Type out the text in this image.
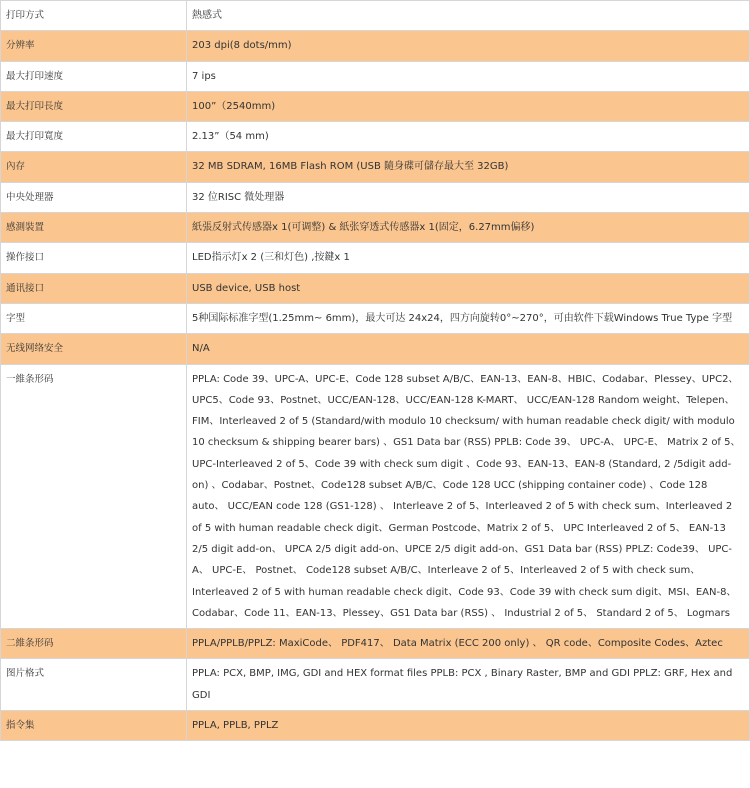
打印方式	熱感式
分辨率	203 dpi(8 dots/mm)
最大打印速度	7 ips
最大打印長度	100”（2540mm)
最大打印寬度	2.13”（54 mm)
內存	32 MB SDRAM, 16MB Flash ROM (USB 隨身碟可儲存最大至 32GB)
中央处理器	32 位RISC 微处理器
感測裝置	紙張反射式传感器x 1(可调整) & 紙张穿透式传感器x 1(固定，6.27mm偏移)
操作接口	LED指示灯x 2 (三和灯色) ,按鍵x 1
通讯接口	USB device, USB host
字型	5种国际标准字型(1.25mm~ 6mm)，最大可达 24x24，四方向旋转0°~270°，可由软件下载Windows True Type 字型
无线网络安全	N/A
一維条形码	PPLA: Code 39、UPC-A、UPC-E、Code 128 subset A/B/C、EAN-13、EAN-8、HBIC、Codabar、Plessey、UPC2、UPC5、Code 93、Postnet、UCC/EAN-128、UCC/EAN-128 K-MART、 UCC/EAN-128 Random weight、Telepen、FIM、Interleaved 2 of 5 (Standard/with modulo 10 checksum/ with human readable check digit/ with modulo 10 checksum & shipping bearer bars) 、GS1 Data bar (RSS) PPLB: Code 39、 UPC-A、 UPC-E、 Matrix 2 of 5、 UPC-Interleaved 2 of 5、Code 39 with check sum digit 、Code 93、EAN-13、EAN-8 (Standard, 2 /5digit add-on) 、Codabar、Postnet、Code128 subset A/B/C、Code 128 UCC (shipping container code) 、Code 128 auto、 UCC/EAN code 128 (GS1-128) 、 Interleave 2 of 5、Interleaved 2 of 5 with check sum、Interleaved 2 of 5 with human readable check digit、German Postcode、Matrix 2 of 5、 UPC Interleaved 2 of 5、 EAN-13 2/5 digit add-on、 UPCA 2/5 digit add-on、UPCE 2/5 digit add-on、GS1 Data bar (RSS) PPLZ: Code39、 UPC-A、 UPC-E、 Postnet、 Code128 subset A/B/C、Interleave 2 of 5、Interleaved 2 of 5 with check sum、Interleaved 2 of 5 with human readable check digit、Code 93、Code 39 with check sum digit、MSI、EAN-8、Codabar、Code 11、EAN-13、Plessey、GS1 Data bar (RSS) 、 Industrial 2 of 5、 Standard 2 of 5、 Logmars
二維条形码	PPLA/PPLB/PPLZ: MaxiCode、 PDF417、 Data Matrix (ECC 200 only) 、 QR code、Composite Codes、Aztec
图片格式	PPLA: PCX, BMP, IMG, GDI and HEX format files PPLB: PCX , Binary Raster, BMP and GDI PPLZ: GRF, Hex and GDI
指令集	PPLA, PPLB, PPLZ
